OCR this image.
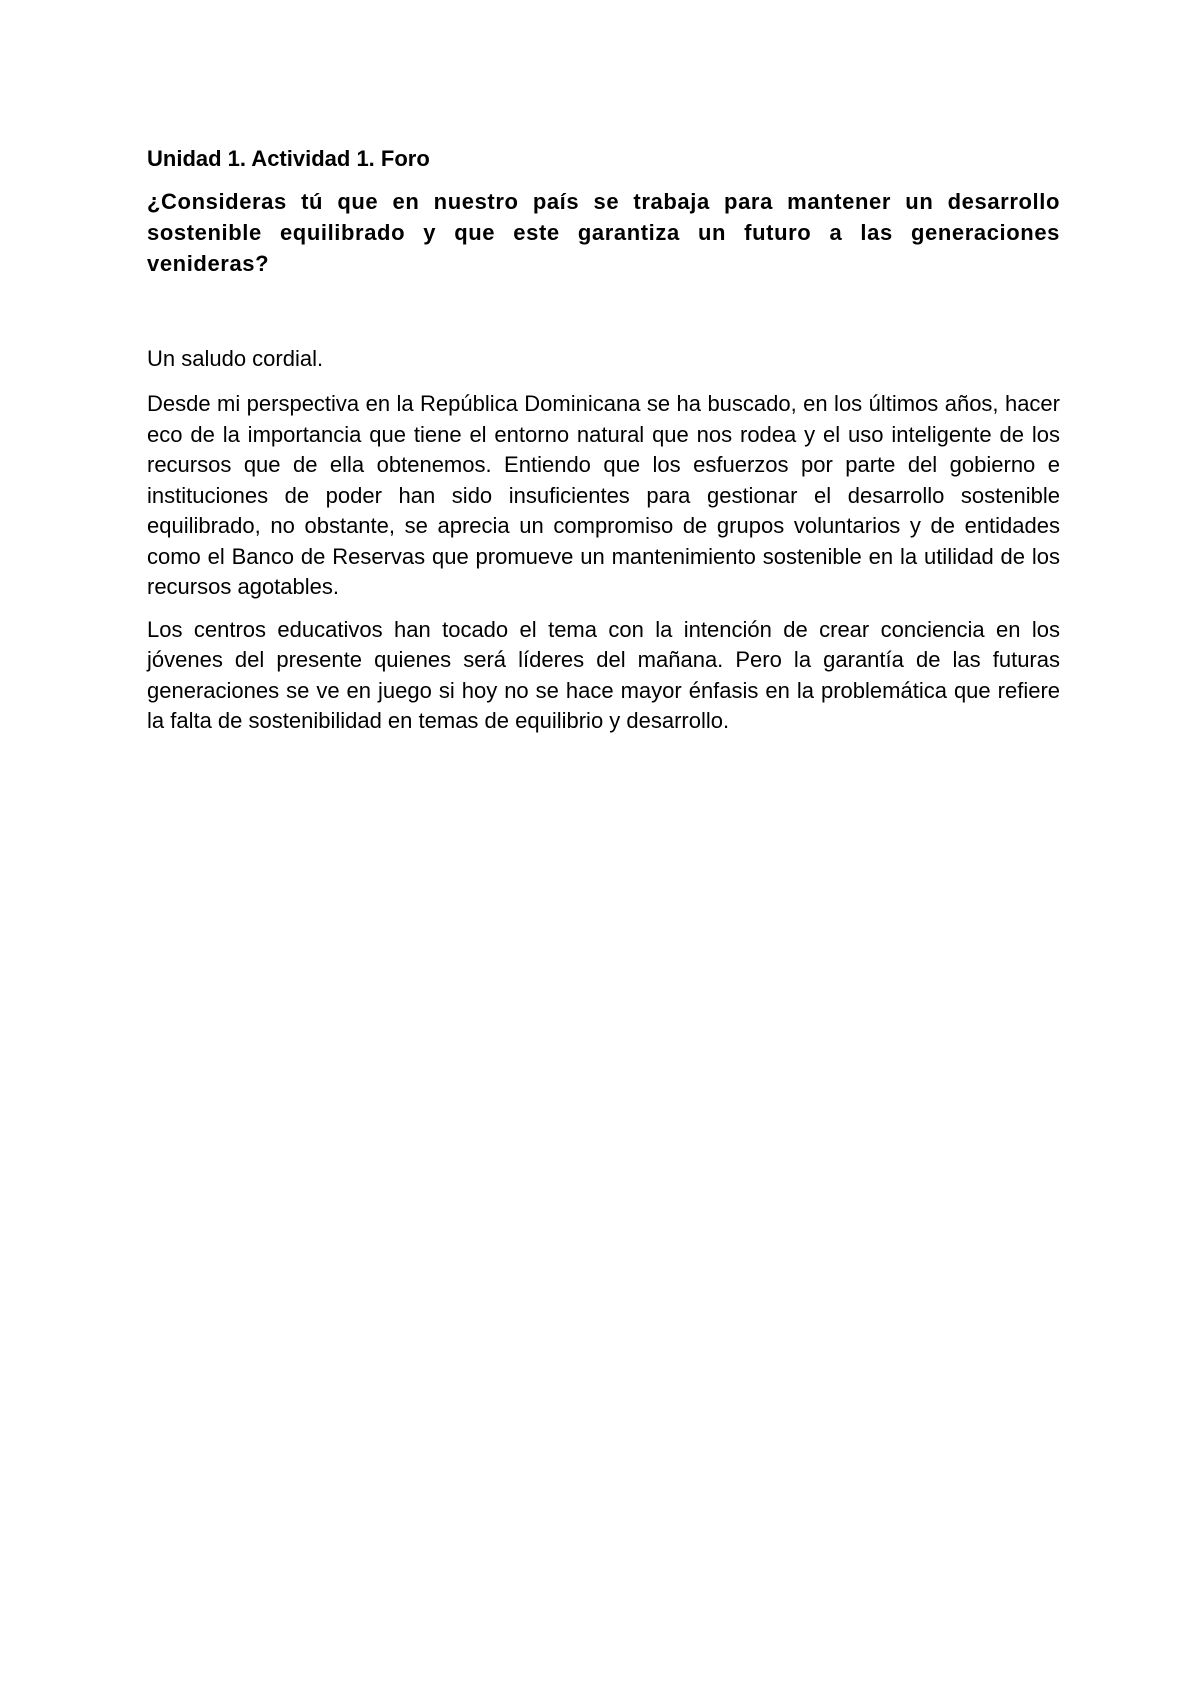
Unidad 1. Actividad 1. Foro

¿Consideras tú que en nuestro país se trabaja para mantener un desarrollo sostenible equilibrado y que este garantiza un futuro a las generaciones venideras?

Un saludo cordial.

Desde mi perspectiva en la República Dominicana se ha buscado, en los últimos años, hacer eco de la importancia que tiene el entorno natural que nos rodea y el uso inteligente de los recursos que de ella obtenemos. Entiendo que los esfuerzos por parte del gobierno e instituciones de poder han sido insuficientes para gestionar el desarrollo sostenible equilibrado, no obstante, se aprecia un compromiso de grupos voluntarios y de entidades como el Banco de Reservas que promueve un mantenimiento sostenible en la utilidad de los recursos agotables.

Los centros educativos han tocado el tema con la intención de crear conciencia en los jóvenes del presente quienes será líderes del mañana. Pero la garantía de las futuras generaciones se ve en juego si hoy no se hace mayor énfasis en la problemática que refiere la falta de sostenibilidad en temas de equilibrio y desarrollo.
